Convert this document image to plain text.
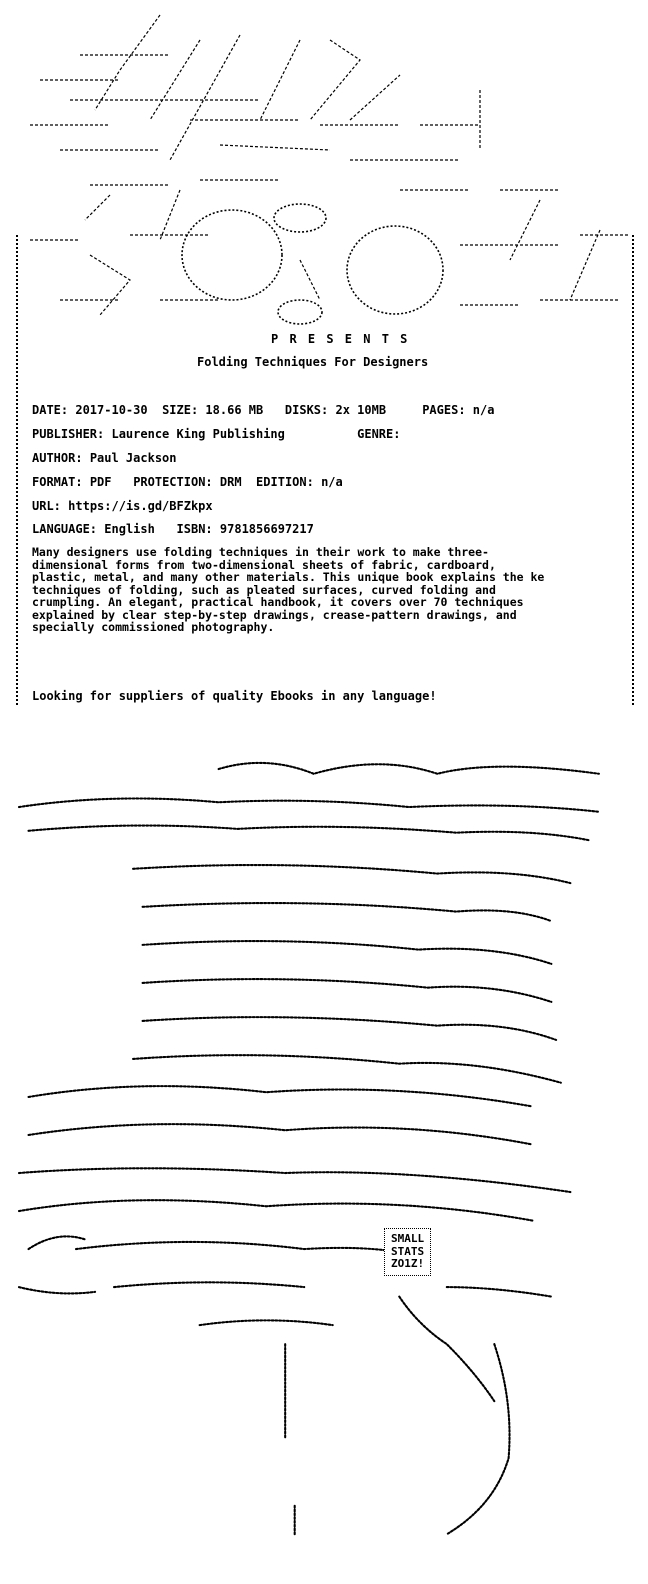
P R E S E N T S
Folding Techniques For Designers
DATE: 2017-10-30 SIZE: 18.66 MB DISKS: 2x 10MB	PAGES: n/a
PUBLISHER: Laurence King Publishing	GENRE:
AUTHOR: Paul Jackson
FORMAT: PDF PROTECTION: DRM EDITION: n/a
URL: https://is.gd/BFZkpx
LANGUAGE: English ISBN: 9781856697217
Many designers use folding techniques in their work to make three-
dimensional forms from two-dimensional sheets of fabric, cardboard,
plastic, metal, and many other materials. This unique book explains the ke
techniques of folding, such as pleated surfaces, curved folding and
crumpling. An elegant, practical handbook, it covers over 70 techniques
explained by clear step-by-step drawings, crease-pattern drawings, and
specially commissioned photography.
Looking for suppliers of quality Ebooks in any language!
SMALL
STATS
ZO1Z!
